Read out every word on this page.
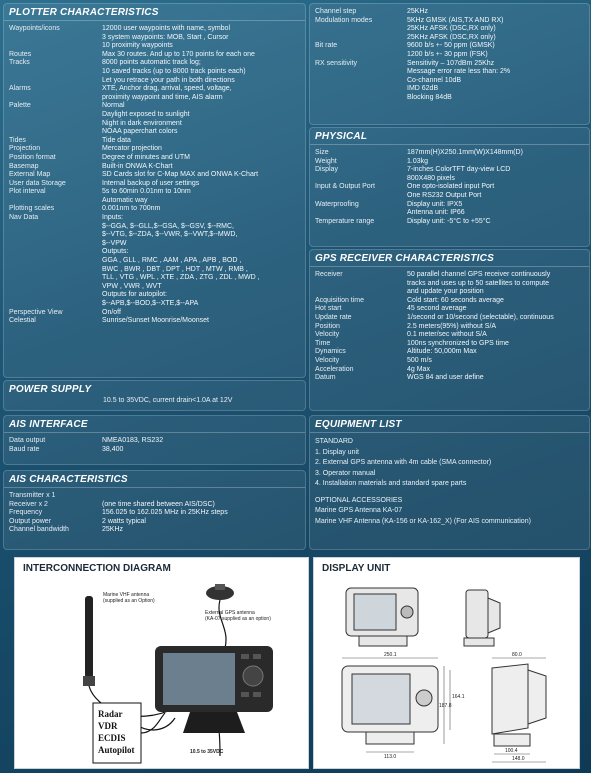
PLOTTER CHARACTERISTICS
Waypoints/icons	12000 user waypoints with name, symbol
3 system waypoints: MOB, Start , Cursor
10 proximity waypoints
Routes	Max 30 routes. And up to 170 points for each one
Tracks	8000 points automatic track log;
10 saved tracks (up to 8000 track points each)
Let you retrace your path in both directions
Alarms	XTE, Anchor drag, arrival, speed, voltage,
proximity waypoint and time, AIS alarm
Palette	Normal
Daylight exposed to sunlight
Night in dark environment
NOAA paperchart colors
Tides	Tide data
Projection	Mercator projection
Position format	Degree of minutes and UTM
Basemap	Built-in ONWA K-Chart
External Map	SD Cards slot for C-Map MAX and ONWA K-Chart
User data Storage	Internal backup of user settings
Plot interval	5s to 60min 0.01nm to 10nm
Automatic way
Plotting scales	0.001nm to 700nm
Nav Data	Inputs:
$--GGA, $--GLL,$--GSA, $--GSV, $--RMC,
$--VTG, $--ZDA, $--VWR, $--VWT,$--MWD,
$--VPW
Outputs:
GGA , GLL , RMC , AAM , APA , APB , BOD ,
BWC , BWR , DBT , DPT , HDT , MTW , RMB ,
TLL , VTG , WPL , XTE , ZDA , ZTG , ZDL , MWD ,
VPW , VWR , WVT
Outputs for autopilot:
$--APB,$--BOD,$--XTE,$--APA
Perspective View	On/off
Celestial	Sunrise/Sunset Moonrise/Moonset
POWER SUPPLY
10.5 to 35VDC, current drain<1.0A at 12V
AIS INTERFACE
Data output	NMEA0183, RS232
Baud rate	38,400
AIS CHARACTERISTICS
Transmitter x 1
Receiver x 2	(one time shared between AIS/DSC)
Frequency	156.025 to 162.025 MHz in 25KHz steps
Output power	2 watts typical
Channel bandwidth	25KHz
Channel step	25KHz
Modulation modes	5KHz GMSK (AIS,TX AND RX)
25KHz AFSK (DSC,RX only)
25KHz AFSK (DSC,RX only)
Bit rate	9600 b/s +- 50 ppm (GMSK)
1200 b/s +- 30 ppm (FSK)
RX sensitivity	Sensitivity – 107dBm 25Khz
Message error rate less than: 2%
Co-channel 10dB
IMD 62dB
Blocking 84dB
PHYSICAL
Size	187mm(H)X250.1mm(W)X148mm(D)
Weight	1.03kg
Display	7-inches ColorTFT day-view LCD
800X480 pixels
Input & Output Port	One opto-isolated input Port
One RS232 Output Port
Waterproofing	Display unit: IPX5
Antenna unit: IP66
Temperature range	Display unit: -5°C to +55°C
GPS RECEIVER CHARACTERISTICS
Receiver	50 parallel channel GPS receiver continuously
tracks and uses up to 50 satellites to compute
and update your position
Acquisition time	Cold start: 60 seconds average
Hot start	45 second average
Update rate	1/second or 10/second (selectable), continuous
Position	2.5 meters(95%) without S/A
Velocity	0.1 meter/sec without S/A
Time	100ns synchronized to GPS time
Dynamics	Altitude: 50,000m Max
Velocity	500 m/s
Acceleration	4g Max
Datum	WGS 84 and user define
EQUIPMENT LIST
STANDARD
1. Display unit
2. External GPS antenna with 4m cable (SMA connector)
3. Operator manual
4. Installation materials and standard spare parts
OPTIONAL ACCESSORIES
Marine GPS Antenna KA-07
Marine VHF Antenna (KA-156 or KA-162_X) (For AIS communication)
INTERCONNECTION DIAGRAM
Marine VHF antenna
(supplied as an Option)
External GPS antenna
(KA-07 supplied as an option)
Radar
VDR
ECDIS
Autopilot	10.5 to 35VDC
DISPLAY UNIT
250.1	80.0
187.8
164.1
113.0
100.4
148.0
